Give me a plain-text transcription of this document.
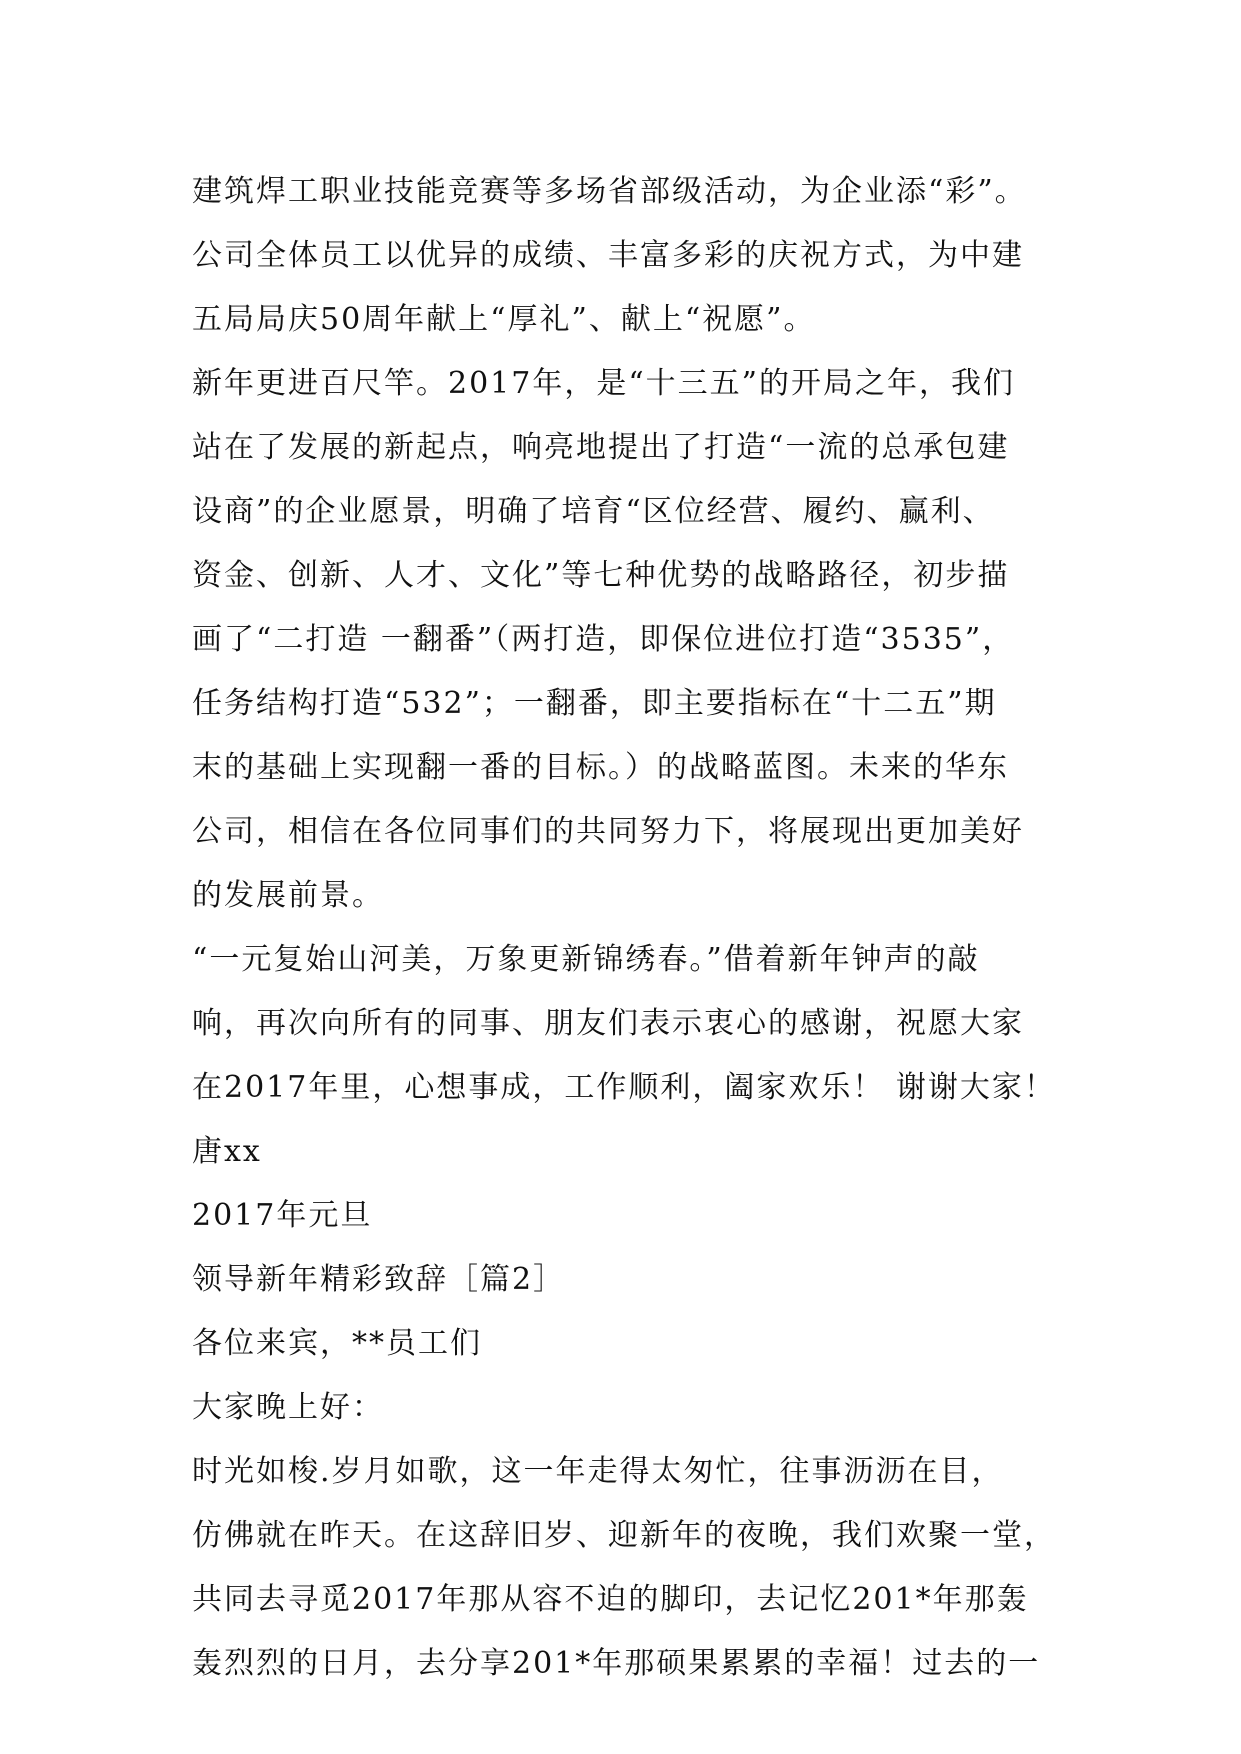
建筑焊工职业技能竞赛等多场省部级活动，为企业添“彩”。
公司全体员工以优异的成绩、丰富多彩的庆祝方式，为中建
五局局庆50周年献上“厚礼”、献上“祝愿”。
新年更进百尺竿。2017年，是“十三五”的开局之年，我们
站在了发展的新起点，响亮地提出了打造“一流的总承包建
设商”的企业愿景，明确了培育“区位经营、履约、赢利、
资金、创新、人才、文化”等七种优势的战略路径，初步描
画了“二打造 一翻番”（两打造，即保位进位打造“3535”，
任务结构打造“532”；一翻番，即主要指标在“十二五”期
末的基础上实现翻一番的目标。）的战略蓝图。未来的华东
公司，相信在各位同事们的共同努力下，将展现出更加美好
的发展前景。
“一元复始山河美，万象更新锦绣春。”借着新年钟声的敲
响，再次向所有的同事、朋友们表示衷心的感谢，祝愿大家
在2017年里，心想事成，工作顺利，阖家欢乐！ 谢谢大家！
唐xx
2017年元旦
领导新年精彩致辞［篇2］
各位来宾，**员工们
大家晚上好：
时光如梭.岁月如歌，这一年走得太匆忙，往事沥沥在目，
仿佛就在昨天。在这辞旧岁、迎新年的夜晚，我们欢聚一堂，
共同去寻觅2017年那从容不迫的脚印，去记忆201*年那轰
轰烈烈的日月，去分享201*年那硕果累累的幸福！过去的一
